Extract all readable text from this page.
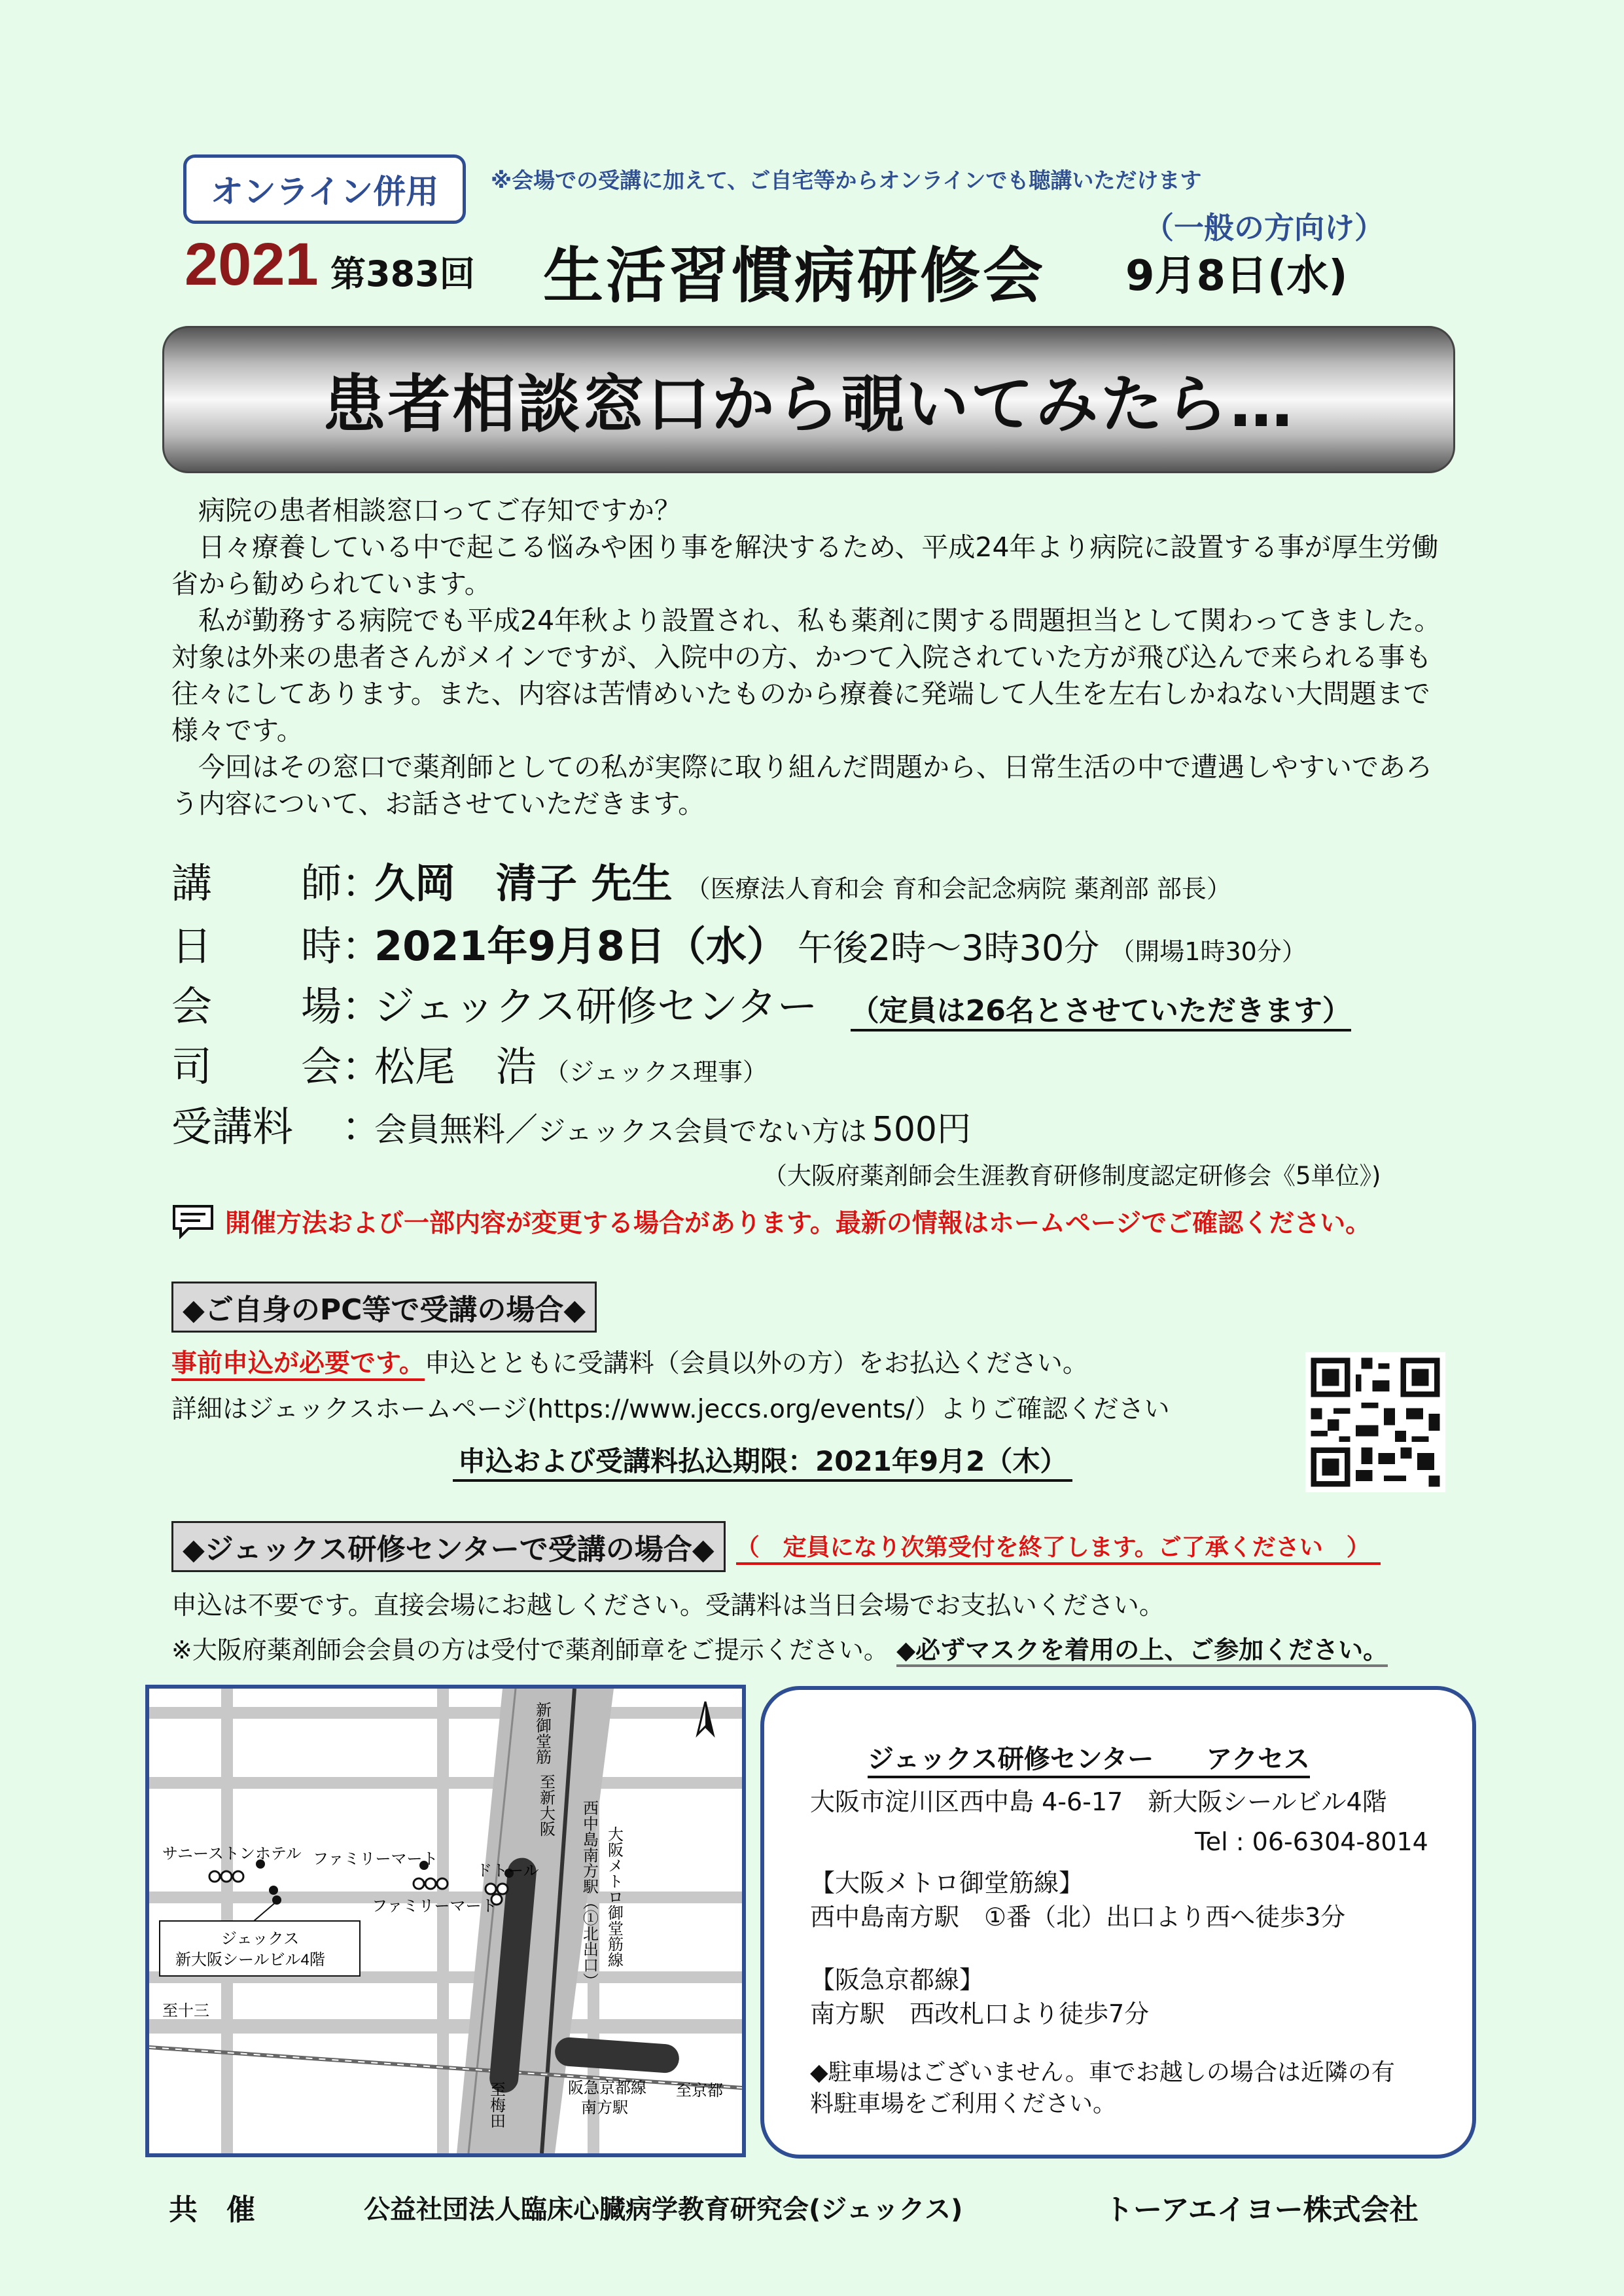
オンライン併用	※会場での受講に加えて、ご自宅等からオンラインでも聴講いただけます
2021 第383回 生活習慣病研修会
（一般の方向け）
9月8日(水)
患者相談窓口から覗いてみたら…

病院の患者相談窓口ってご存知ですか？

日々療養している中で起こる悩みや困り事を解決するため、平成24年より病院に設置する事が厚生労働省から勧められています。

私が勤務する病院でも平成24年秋より設置され、私も薬剤に関する問題担当として関わってきました。対象は外来の患者さんがメインですが、入院中の方、かつて入院されていた方が飛び込んで来られる事も往々にしてあります。また、内容は苦情めいたものから療養に発端して人生を左右しかねない大問題まで様々です。

今回はその窓口で薬剤師としての私が実際に取り組んだ問題から、日常生活の中で遭遇しやすいであろう内容について、お話させていただきます。

講 師 ：
久岡　清子 先生 （医療法人育和会 育和会記念病院 薬剤部 部長）
日 時 ：
2021年9月8日（水） 午後2時～3時30分 （開場1時30分）
会 場 ：
ジェックス研修センター （定員は26名とさせていただきます）
司 会 ：
松尾　浩 （ジェックス理事）
受講料	：
会員無料／ ジェックス会員でない方は 500円
（大阪府薬剤師会生涯教育研修制度認定研修会《5単位》)
開催方法および一部内容が変更する場合があります。最新の情報はホームページでご確認ください。
◆ご自身のPC等で受講の場合◆
事前申込が必要です。申込とともに受講料（会員以外の方）をお払込ください。
詳細はジェックスホームページ(https://www.jeccs.org/events/）よりご確認ください
申込および受講料払込期限：2021年9月2（木）
◆ジェックス研修センターで受講の場合◆ （　定員になり次第受付を終了します。ご了承ください　）
申込は不要です。直接会場にお越しください。受講料は当日会場でお支払いください。
※大阪府薬剤師会会員の方は受付で薬剤師章をご提示ください。 ◆必ずマスクを着用の上、ご参加ください。
サニーストンホテル ファミリーマート
ファミリーマート
ドトール
ジェックス
新大阪シールビル4階
至十三
阪急京都線
南方駅
至京都
新御堂筋
至新大阪
大阪メトロ御堂筋線
西中島南方駅（①北出口）
至梅田
ジェックス研修センター　　アクセス
大阪市淀川区西中島 4-6-17　新大阪シールビル4階
Tel : 06-6304-8014
【大阪メトロ御堂筋線】
西中島南方駅　①番（北）出口より西へ徒歩3分
【阪急京都線】
南方駅　西改札口より徒歩7分
◆駐車場はございません。車でお越しの場合は近隣の有
料駐車場をご利用ください。
共　催	公益社団法人臨床心臓病学教育研究会(ジェックス)	トーアエイヨー株式会社
